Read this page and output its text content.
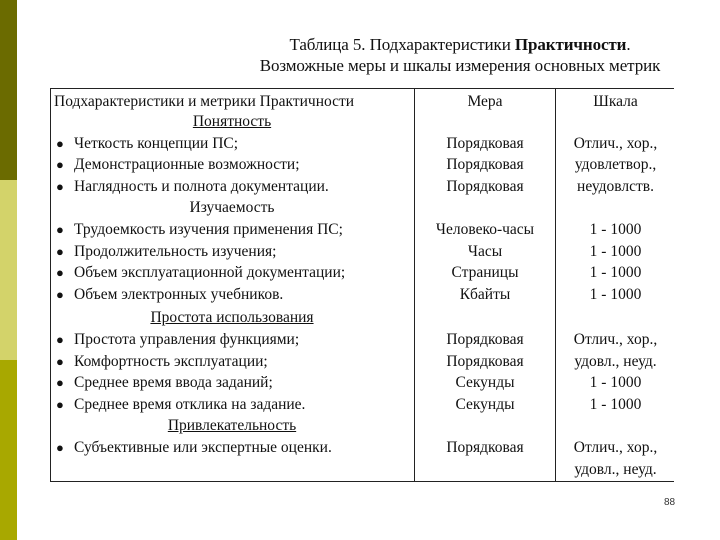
Таблица 5. Подхарактеристики Практичности.
Возможные меры и шкалы измерения основных метрик
Подхарактеристики и метрики Практичности	Мера	Шкала
Понятность
● Четкость концепции ПС;	Порядковая	Отлич., хор.,
● Демонстрационные возможности;	Порядковая	удовлетвор.,
● Наглядность и полнота документации.	Порядковая	неудовлств.
Изучаемость
● Трудоемкость изучения применения ПС;	Человеко-часы	1 - 1000
● Продолжительность изучения;	Часы	1 - 1000
● Объем эксплуатационной документации;	Страницы	1 - 1000
● Объем электронных учебников.	Кбайты	1 - 1000
Простота использования
● Простота управления функциями;	Порядковая	Отлич., хор.,
● Комфортность эксплуатации;	Порядковая	удовл., неуд.
● Среднее время ввода заданий;	Секунды	1 - 1000
● Среднее время отклика на задание.	Секунды	1 - 1000
Привлекательность
● Субъективные или экспертные оценки.	Порядковая	Отлич., хор.,
удовл., неуд.
88
